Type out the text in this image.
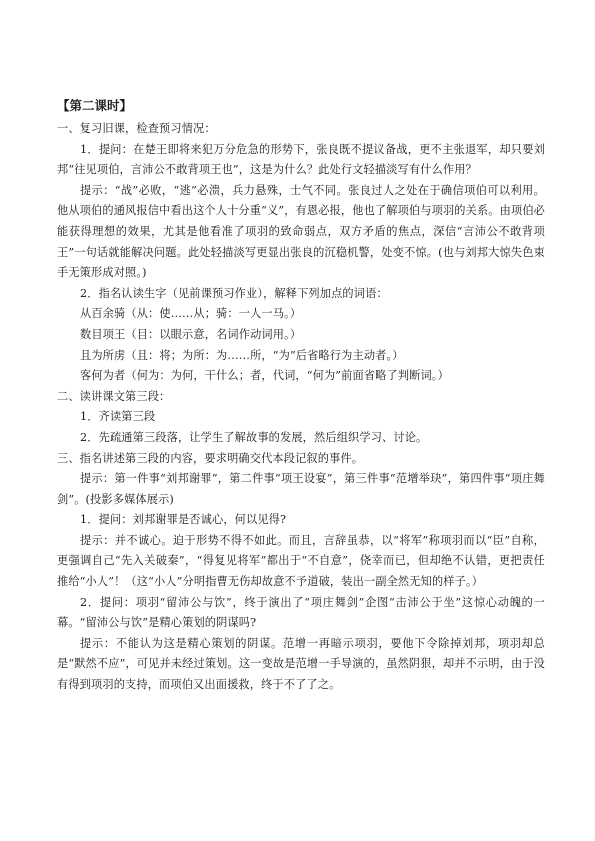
【第二课时】

一、复习旧课，检查预习情况：

1．提问：在楚王即将来犯万分危急的形势下，张良既不提议备战，更不主张退军，却只要刘邦“往见项伯，言沛公不敢背项王也”，这是为什么？此处行文轻描淡写有什么作用？

提示：“战”必败，“逃”必溃，兵力悬殊，士气不同。张良过人之处在于确信项伯可以利用。他从项伯的通风报信中看出这个人十分重“义”，有恩必报，他也了解项伯与项羽的关系。由项伯必能获得理想的效果，尤其是他看准了项羽的致命弱点，双方矛盾的焦点，深信“言沛公不敢背项王”一句话就能解决问题。此处轻描淡写更显出张良的沉稳机警，处变不惊。(也与刘邦大惊失色束手无策形成对照。)

2．指名认读生字（见前课预习作业），解释下列加点的词语：

从百余骑（从：使……从；骑：一人一马。）

数目项王（目：以眼示意，名词作动词用。）

且为所虏（且：将；为所：为……所，“为”后省略行为主动者。）

客何为者（何为：为何，干什么；者，代词，“何为”前面省略了判断词。）

二、读讲课文第三段：

1．齐读第三段

2．先疏通第三段落，让学生了解故事的发展，然后组织学习、讨论。

三、指名讲述第三段的内容，要求明确交代本段记叙的事件。

提示：第一件事“刘邦谢罪”，第二件事“项王设宴”，第三件事“范增举玦”，第四件事“项庄舞剑”。(投影多媒体展示)

1．提问：刘邦谢罪是否诚心，何以见得?

提示：并不诚心。迫于形势不得不如此。而且，言辞虽恭，以“将军”称项羽而以“臣”自称，更强调自己“先入关破秦”，“得复见将军”都出于“不自意”，侥幸而已，但却绝不认错，更把责任推给“小人”！（这“小人”分明指曹无伤却故意不予道破，装出一副全然无知的样子。）

2．提问：项羽“留沛公与饮”，终于演出了“项庄舞剑”企图“击沛公于坐”这惊心动魄的一幕。“留沛公与饮”是精心策划的阴谋吗?

提示：不能认为这是精心策划的阴谋。范增一再暗示项羽，要他下令除掉刘邦，项羽却总是“默然不应”，可见并未经过策划。这一变故是范增一手导演的，虽然阴狠，却并不示明，由于没有得到项羽的支持，而项伯又出面援救，终于不了了之。
